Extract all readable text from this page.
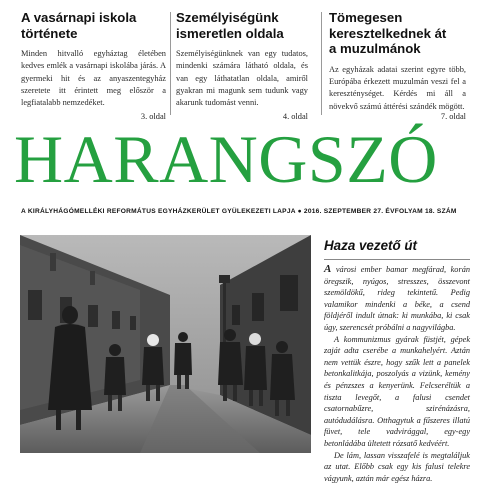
A vasárnapi iskola
története

Minden hitvalló egyháztag életében kedves emlék a vasárnapi iskolába járás. A gyermeki hit és az anyaszentegyház szeretete itt érintett meg először a legfiatalabb nemzedéket.

3. oldal
Személyiségünk
ismeretlen oldala

Személyiségünknek van egy tudatos, mindenki számára látható oldala, és van egy láthatatlan oldala, amiről gyakran mi magunk sem tudunk vagy akarunk tudomást venni.

4. oldal
Tömegesen
keresztelkednek át
a muzulmánok

Az egyházak adatai szerint egyre több, Európába érkezett muzulmán veszi fel a kereszténységet. Kérdés mi áll a növekvő számú áttérési szándék mögött.

7. oldal
HARANGSZÓ
A KIRÁLYHÁGÓMELLÉKI REFORMÁTUS EGYHÁZKERÜLET GYÜLEKEZETI LAPJA ● 2016. SZEPTEMBER 27. ÉVFOLYAM 18. SZÁM
Haza vezető út

A városi ember bamar megfárad, korán öregszik, nyúgos, stresszes, összevont szemöldökű, rideg tekintetű. Pedig valamikor mindenki a béke, a csend földjéről indult útnak: ki munkába, ki csak úgy, szerencsét próbálni a nagyvilágba.

A kommunizmus gyárak füstjét, gépek zaját adta cserébe a munkahelyért. Aztán nem vettük észre, hogy szűk lett a panelek betonkalitkája, poszolyás a vizünk, kemény és pénzszes a kenyerünk. Felcseréltük a tiszta levegőt, a falusi csendet csatornabűzre, szirénázásra, autódudálásra. Otthagytuk a fűszeres illatú füvet, tele vadvirággal, egy-egy betonládába ültetett rózsatő kedvéért.

De lám, lassan visszafelé is megtaláljuk az utat. Előbb csak egy kis falusi telekre vágyunk, aztán már egész házra.
